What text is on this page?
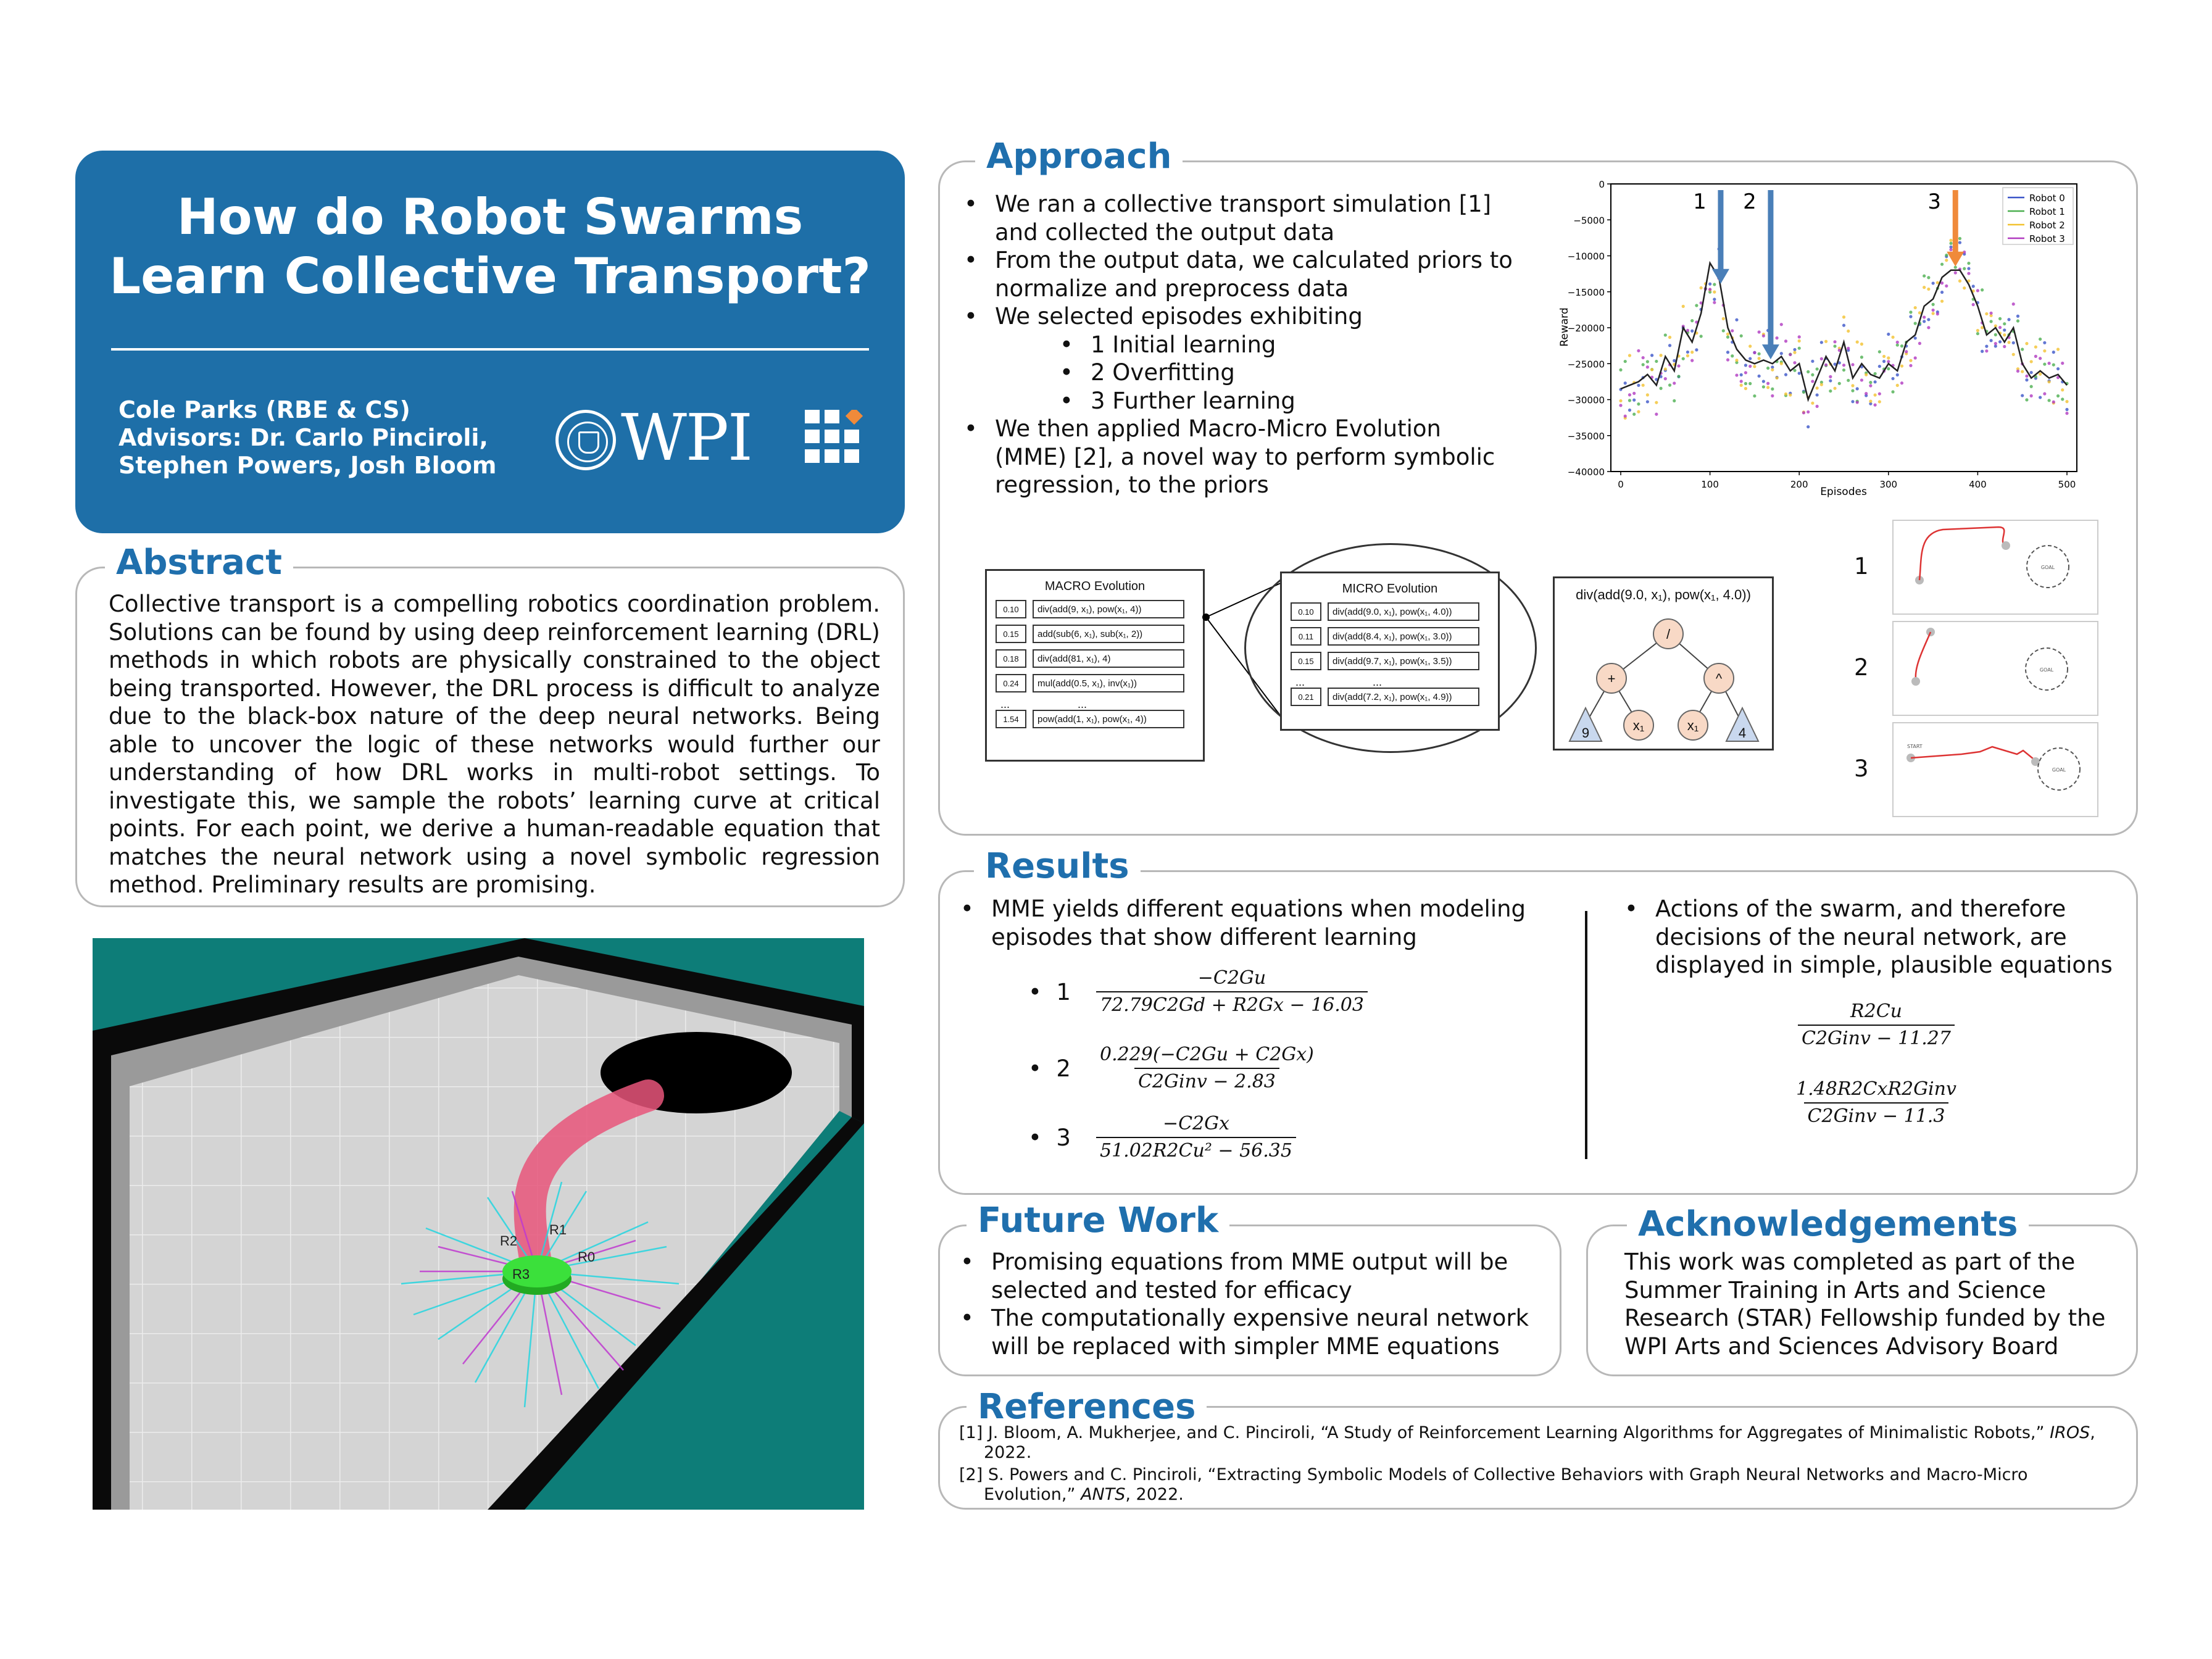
How do Robot Swarms
Learn Collective Transport?
Cole Parks (RBE & CS)
Advisors: Dr. Carlo Pinciroli,
Stephen Powers, Josh Bloom WPI
Abstract
Collective transport is a compelling robotics coordination problem. Solutions can be found by using deep reinforcement learning (DRL) methods in which robots are physically constrained to the object being transported. However, the DRL process is difficult to analyze due to the black-box nature of the deep neural networks. Being able to uncover the logic of these networks would further our understanding of how DRL works in multi-robot settings. To investigate this, we sample the robots’ learning curve at critical points. For each point, we derive a human-readable equation that matches the neural network using a novel symbolic regression method. Preliminary results are promising.
R1
R2
R0
R3
Approach
• We ran a collective transport simulation [1] and collected the output data
• From the output data, we calculated priors to normalize and preprocess data
• We selected episodes exhibiting
• 1 Initial learning
• 2 Overfitting
• 3 Further learning
• We then applied Macro-Micro Evolution (MME) [2], a novel way to perform symbolic regression, to the priors
0
−5000
−10000
−15000
−20000
−25000
−30000
−35000
−40000
0	100	200	300	400	500
1 2	3
Reward
Episodes
Robot 0
Robot 1
Robot 2
Robot 3
MACRO Evolution
0.10	div(add(9, x₁), pow(x₁, 4))
0.15	add(sub(6, x₁), sub(x₁, 2))
0.18	div(add(81, x₁), 4)
0.24	mul(add(0.5, x₁), inv(x₁))
...	...
1.54	pow(add(1, x₁), pow(x₁, 4))
MICRO Evolution
0.10	div(add(9.0, x₁), pow(x₁, 4.0))
0.11	div(add(8.4, x₁), pow(x₁, 3.0))
0.15	div(add(9.7, x₁), pow(x₁, 3.5))
...	...
0.21	div(add(7.2, x₁), pow(x₁, 4.9))
div(add(9.0, x₁), pow(x₁, 4.0))
/
+	^
9	x₁	x₁	4
1
2
3
GOAL
GOAL
START
GOAL
Results
• MME yields different equations when modeling episodes that show different learning
•  1	$\frac{-C2Gu}{72.79C2Gd + R2Gx - 16.03}$
•  2	$\frac{0.229(-C2Gu + C2Gx)}{\text{C2Ginv − 2.83}}$
•  3	$\frac{-C2Gx}{\text{51.02R2Cu² − 56.35}}$
• Actions of the swarm, and therefore decisions of the neural network, are displayed in simple, plausible equations
$\frac{R2Cu}{\text{C2Ginv − 11.27}}$
$\frac{\text{1.48R2CxR2Ginv}}{\text{C2Ginv − 11.3}}$
Future Work
• Promising equations from MME output will be selected and tested for efficacy
• The computationally expensive neural network will be replaced with simpler MME equations
Acknowledgements
This work was completed as part of the Summer Training in Arts and Science Research (STAR) Fellowship funded by the WPI Arts and Sciences Advisory Board
References
[1] J. Bloom, A. Mukherjee, and C. Pinciroli, “A Study of Reinforcement Learning Algorithms for Aggregates of Minimalistic Robots,” IROS, 2022.
[2] S. Powers and C. Pinciroli, “Extracting Symbolic Models of Collective Behaviors with Graph Neural Networks and Macro-Micro Evolution,” ANTS, 2022.
